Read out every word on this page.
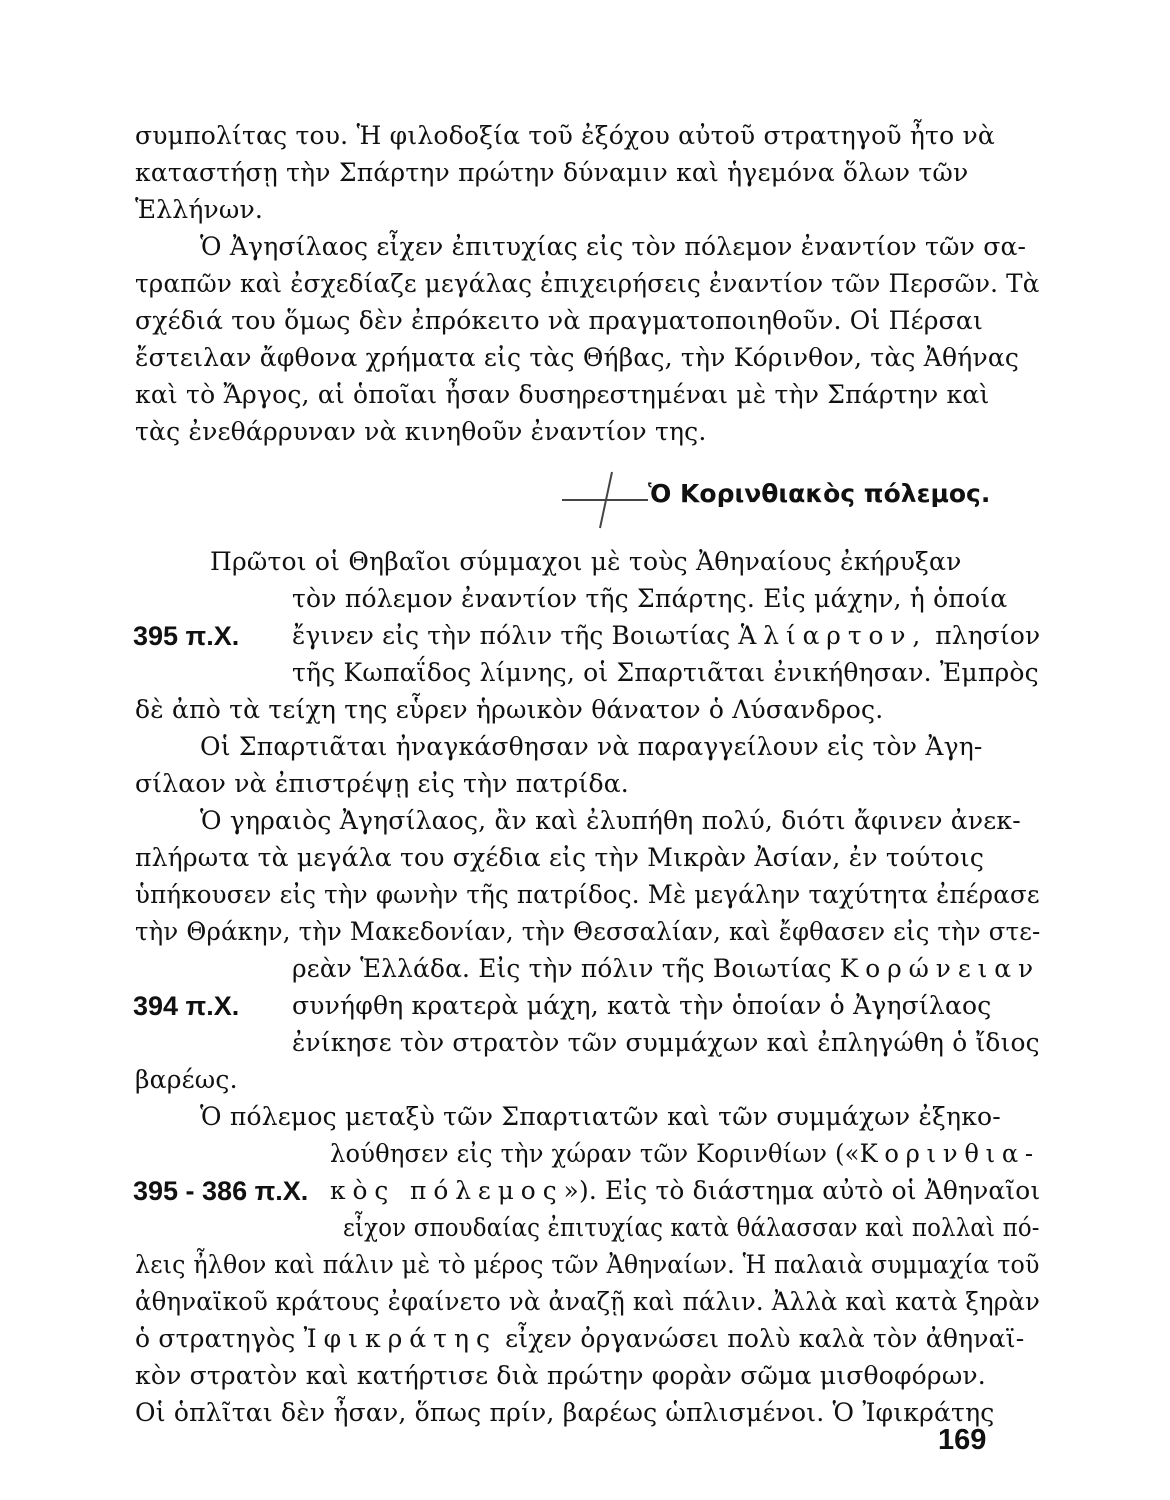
συμπολίτας του. Ἡ φιλοδοξία τοῦ ἐξόχου αὐτοῦ στρατηγοῦ ἦτο νὰ
καταστήσῃ τὴν Σπάρτην πρώτην δύναμιν καὶ ἡγεμόνα ὅλων τῶν
Ἑλλήνων.
Ὁ Ἀγησίλαος εἶχεν ἐπιτυχίας εἰς τὸν πόλεμον ἐναντίον τῶν σα-
τραπῶν καὶ ἐσχεδίαζε μεγάλας ἐπιχειρήσεις ἐναντίον τῶν Περσῶν. Τὰ
σχέδιά του ὅμως δὲν ἐπρόκειτο νὰ πραγματοποιηθοῦν. Οἱ Πέρσαι
ἔστειλαν ἄφθονα χρήματα εἰς τὰς Θήβας, τὴν Κόρινθον, τὰς Ἀθήνας
καὶ τὸ Ἄργος, αἱ ὁποῖαι ἦσαν δυσηρεστημέναι μὲ τὴν Σπάρτην καὶ
τὰς ἐνεθάρρυναν νὰ κινηθοῦν ἐναντίον της.
Ὁ Κορινθιακὸς πόλεμος.
Πρῶτοι οἱ Θηβαῖοι σύμμαχοι μὲ τοὺς Ἀθηναίους ἐκήρυξαν
τὸν πόλεμον ἐναντίον τῆς Σπάρτης. Εἰς μάχην, ἡ ὁποία
395 π.Χ. ἔγινεν εἰς τὴν πόλιν τῆς Βοιωτίας Ἁλίαρτον, πλησίον
τῆς Κωπαΐδος λίμνης, οἱ Σπαρτιᾶται ἐνικήθησαν. Ἐμπρὸς
δὲ ἀπὸ τὰ τείχη της εὗρεν ἡρωικὸν θάνατον ὁ Λύσανδρος.
Οἱ Σπαρτιᾶται ἠναγκάσθησαν νὰ παραγγείλουν εἰς τὸν Ἀγη-
σίλαον νὰ ἐπιστρέψῃ εἰς τὴν πατρίδα.
Ὁ γηραιὸς Ἀγησίλαος, ἂν καὶ ἐλυπήθη πολύ, διότι ἄφινεν ἀνεκ-
πλήρωτα τὰ μεγάλα του σχέδια εἰς τὴν Μικρὰν Ἀσίαν, ἐν τούτοις
ὑπήκουσεν εἰς τὴν φωνὴν τῆς πατρίδος. Μὲ μεγάλην ταχύτητα ἐπέρασε
τὴν Θράκην, τὴν Μακεδονίαν, τὴν Θεσσαλίαν, καὶ ἔφθασεν εἰς τὴν στε-
ρεὰν Ἑλλάδα. Εἰς τὴν πόλιν τῆς Βοιωτίας Κορώνειαν
394 π.Χ. συνήφθη κρατερὰ μάχη, κατὰ τὴν ὁποίαν ὁ Ἀγησίλαος
ἐνίκησε τὸν στρατὸν τῶν συμμάχων καὶ ἐπληγώθη ὁ ἴδιος
βαρέως.
Ὁ πόλεμος μεταξὺ τῶν Σπαρτιατῶν καὶ τῶν συμμάχων ἐξηκο-
λούθησεν εἰς τὴν χώραν τῶν Κορινθίων («Κορινθια-
395 - 386 π.Χ. κὸς πόλεμος»). Εἰς τὸ διάστημα αὐτὸ οἱ Ἀθηναῖοι
εἶχον σπουδαίας ἐπιτυχίας κατὰ θάλασσαν καὶ πολλαὶ πό-
λεις ἦλθον καὶ πάλιν μὲ τὸ μέρος τῶν Ἀθηναίων. Ἡ παλαιὰ συμμαχία τοῦ
ἀθηναϊκοῦ κράτους ἐφαίνετο νὰ ἀναζῇ καὶ πάλιν. Ἀλλὰ καὶ κατὰ ξηρὰν
ὁ στρατηγὸς Ἰφικράτης εἶχεν ὀργανώσει πολὺ καλὰ τὸν ἀθηναϊ-
κὸν στρατὸν καὶ κατήρτισε διὰ πρώτην φορὰν σῶμα μισθοφόρων.
Οἱ ὁπλῖται δὲν ἦσαν, ὅπως πρίν, βαρέως ὡπλισμένοι. Ὁ Ἰφικράτης
169
